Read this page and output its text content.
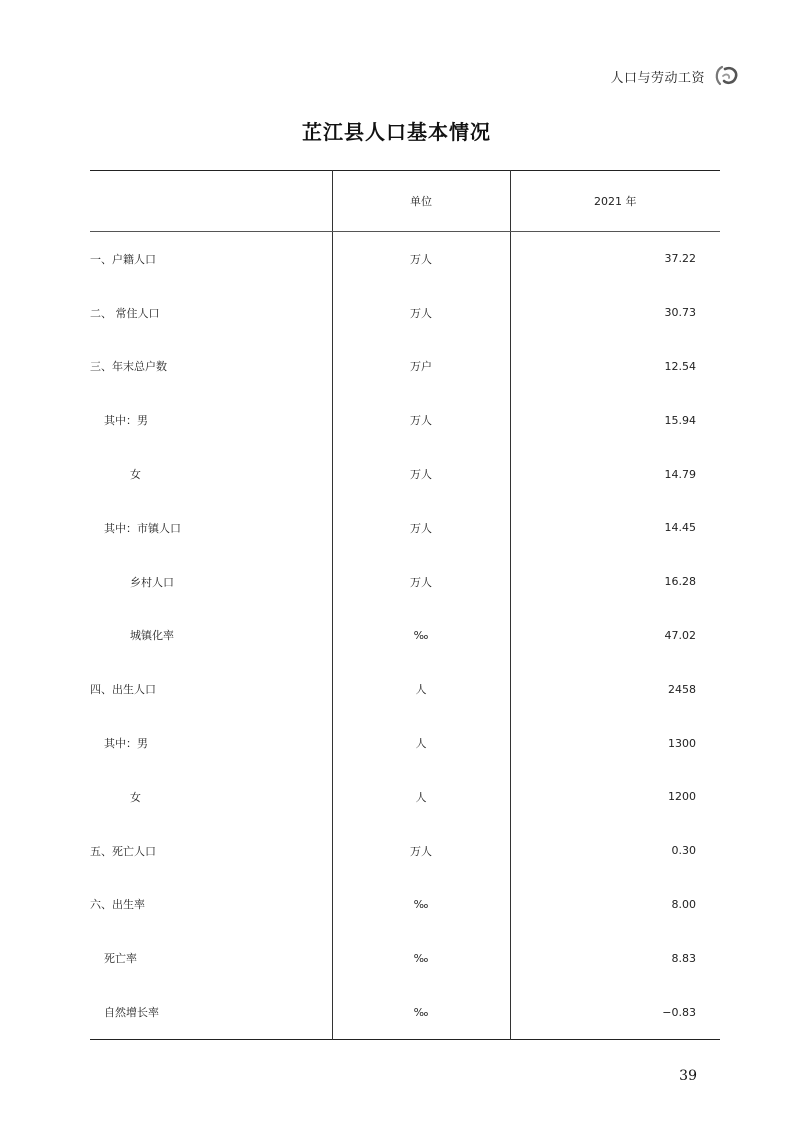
人口与劳动工资
芷江县人口基本情况
	单位	2021 年
一、户籍人口	万人	37.22
二、 常住人口	万人	30.73
三、年末总户数	万户	12.54
其中：男	万人	15.94
女	万人	14.79
其中：市镇人口	万人	14.45
乡村人口	万人	16.28
城镇化率	‰	47.02
四、出生人口	人	2458
其中：男	人	1300
女	人	1200
五、死亡人口	万人	0.30
六、出生率	‰	8.00
死亡率	‰	8.83
自然增长率	‰	−0.83
39
